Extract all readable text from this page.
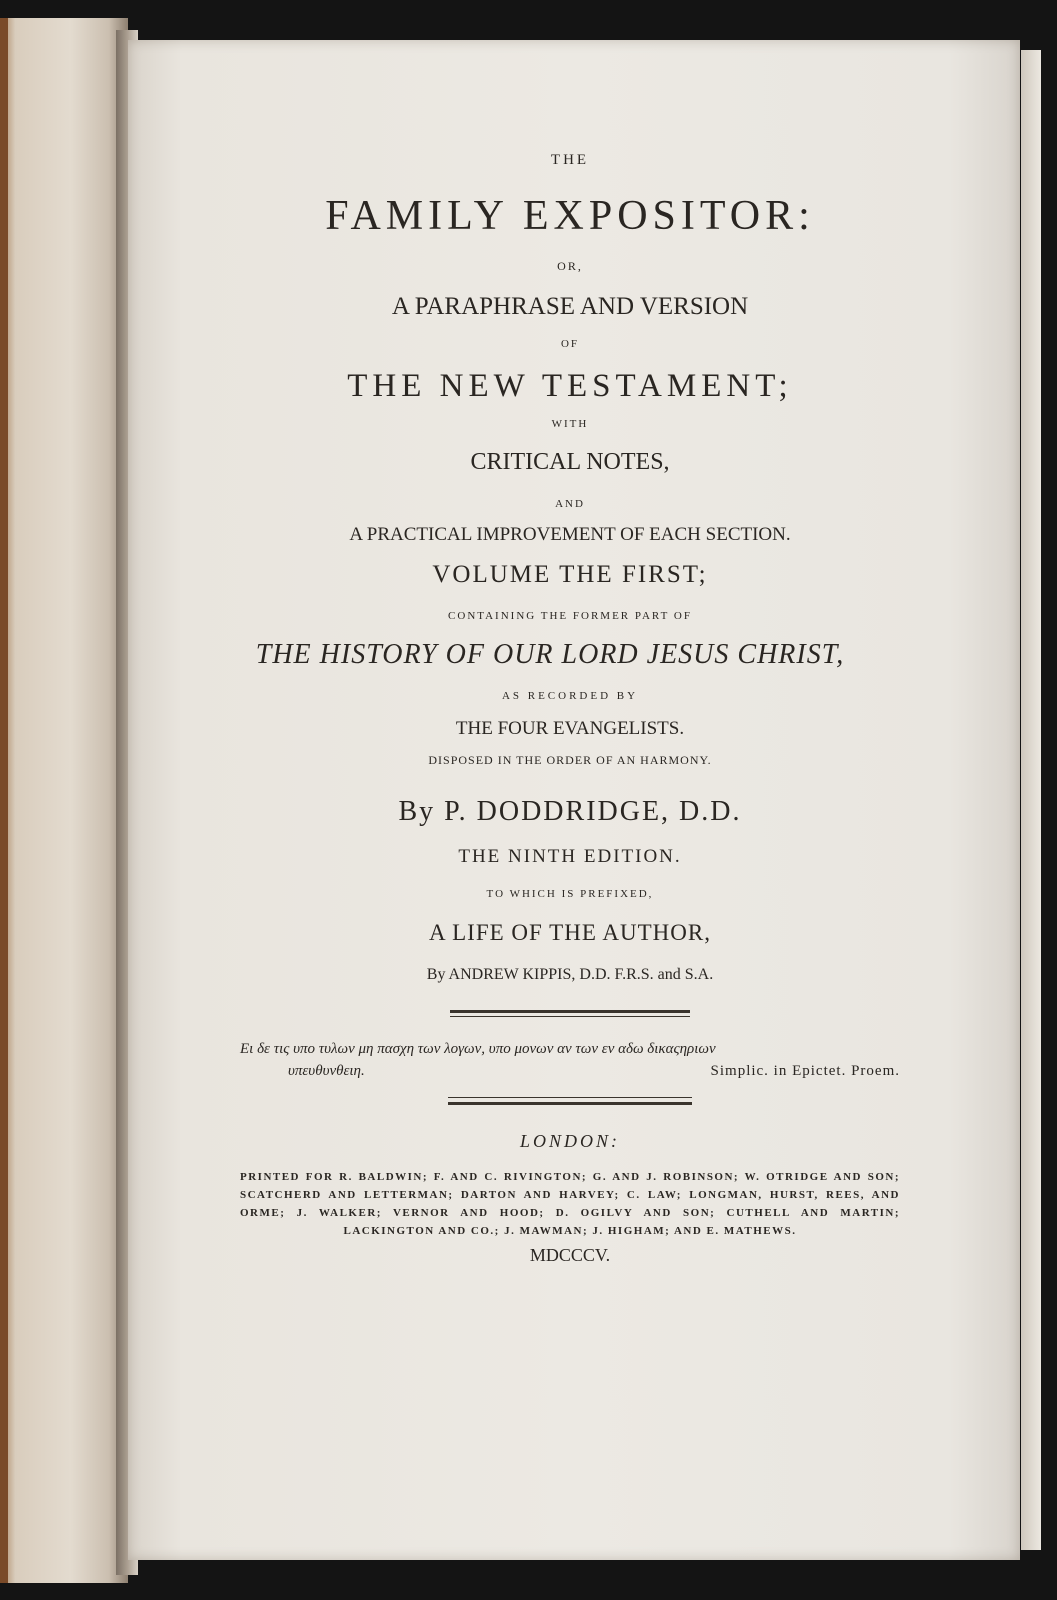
THE
FAMILY EXPOSITOR:
OR,
A PARAPHRASE AND VERSION
OF
THE NEW TESTAMENT;
WITH
CRITICAL NOTES,
AND
A PRACTICAL IMPROVEMENT OF EACH SECTION.
VOLUME THE FIRST;
CONTAINING THE FORMER PART OF
THE HISTORY OF OUR LORD JESUS CHRIST,
AS RECORDED BY
THE FOUR EVANGELISTS.
DISPOSED IN THE ORDER OF AN HARMONY.
By P. DODDRIDGE, D.D.
THE NINTH EDITION.
TO WHICH IS PREFIXED,
A LIFE OF THE AUTHOR,
By ANDREW KIPPIS, D.D. F.R.S. and S.A.
Ει δε τις υπο τυλων μη πασχη των λογων, υπο μονων αν των εν αδω δικαςηριων
υπευθυνθειη.	Simplic. in Epictet. Proem.
LONDON:
PRINTED FOR R. BALDWIN; F. AND C. RIVINGTON; G. AND J. ROBINSON; W. OTRIDGE AND SON; SCATCHERD AND LETTERMAN; DARTON AND HARVEY; C. LAW; LONGMAN, HURST, REES, AND ORME; J. WALKER; VERNOR AND HOOD; D. OGILVY AND SON; CUTHELL AND MARTIN; LACKINGTON AND CO.; J. MAWMAN; J. HIGHAM; AND E. MATHEWS.
MDCCCV.
